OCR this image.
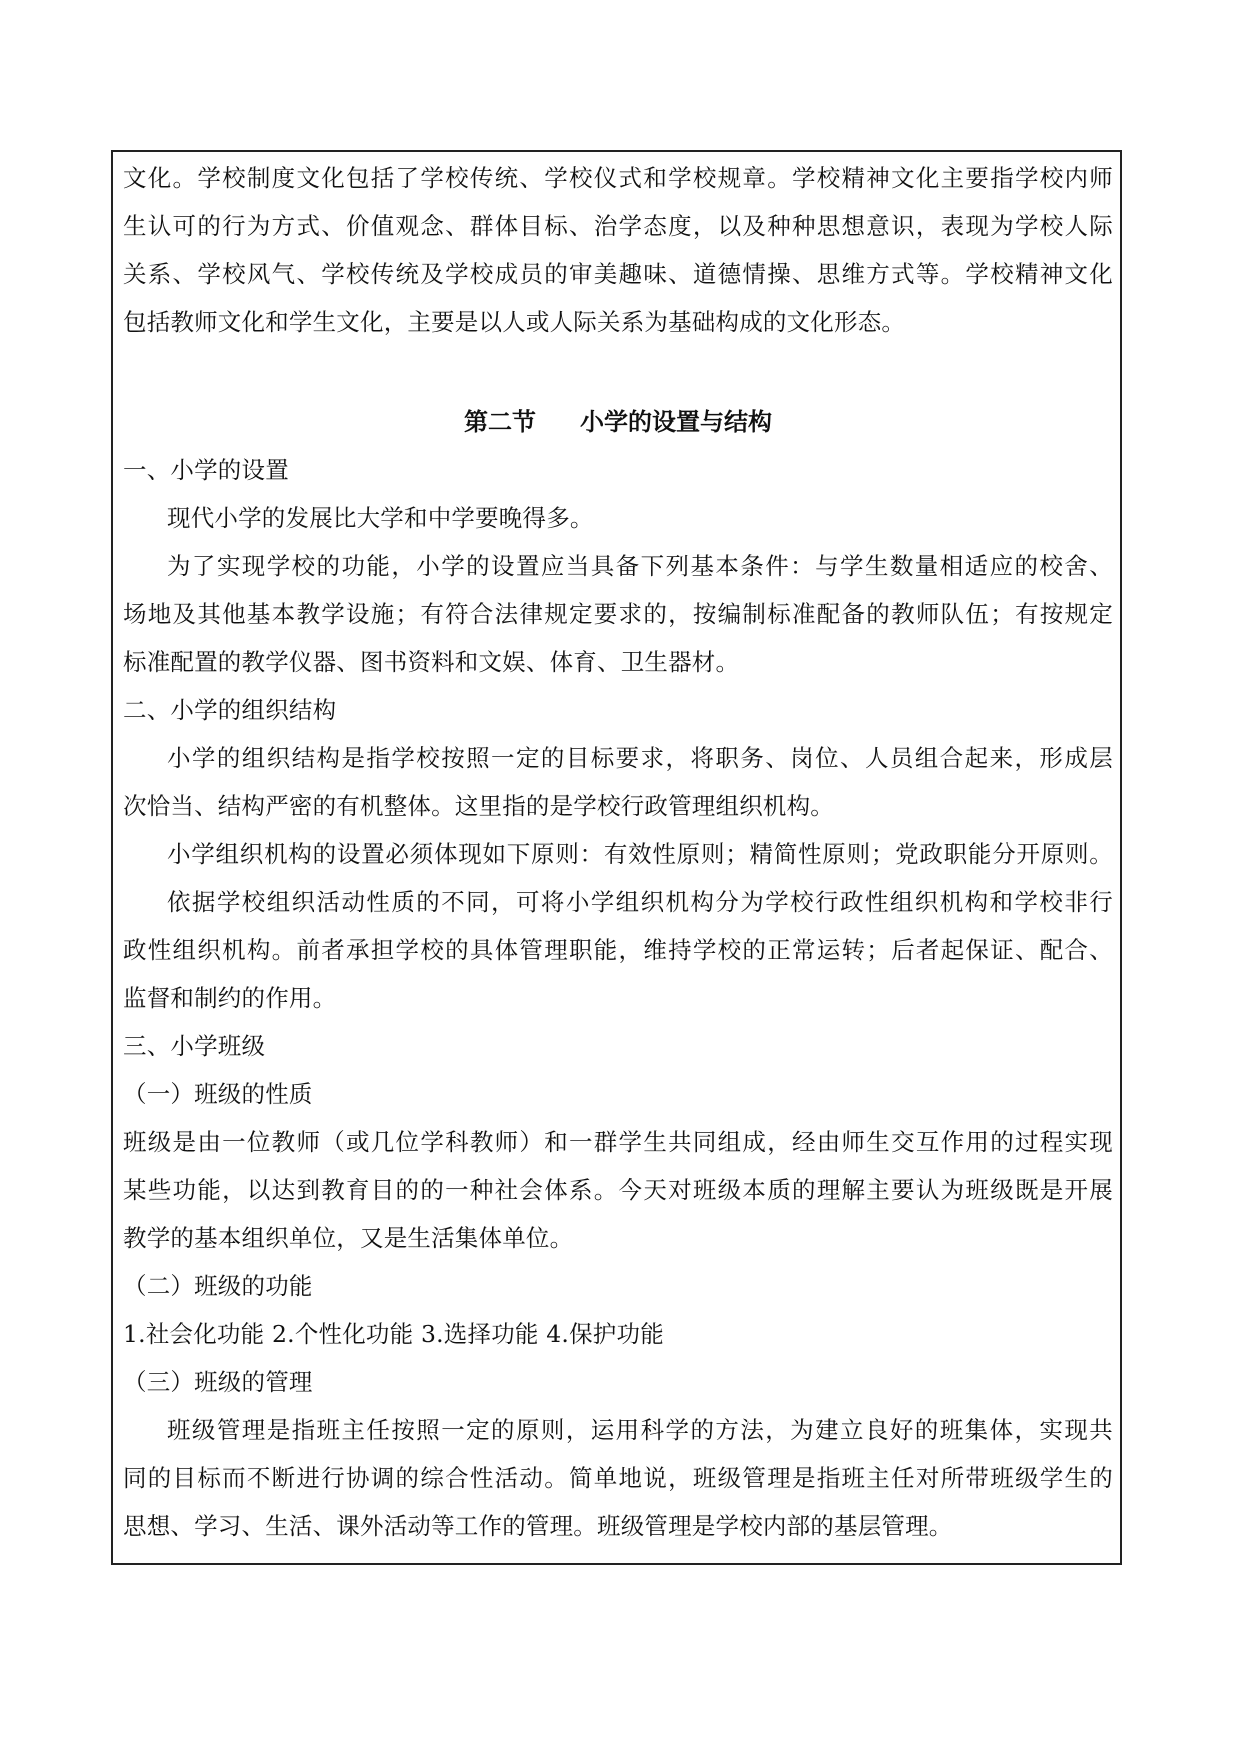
文化。学校制度文化包括了学校传统、学校仪式和学校规章。学校精神文化主要指学校内师
生认可的行为方式、价值观念、群体目标、治学态度，以及种种思想意识，表现为学校人际
关系、学校风气、学校传统及学校成员的审美趣味、道德情操、思维方式等。学校精神文化
包括教师文化和学生文化，主要是以人或人际关系为基础构成的文化形态。
第二节 小学的设置与结构
一、小学的设置
现代小学的发展比大学和中学要晚得多。
为了实现学校的功能，小学的设置应当具备下列基本条件：与学生数量相适应的校舍、
场地及其他基本教学设施；有符合法律规定要求的，按编制标准配备的教师队伍；有按规定
标准配置的教学仪器、图书资料和文娱、体育、卫生器材。
二、小学的组织结构
小学的组织结构是指学校按照一定的目标要求，将职务、岗位、人员组合起来，形成层
次恰当、结构严密的有机整体。这里指的是学校行政管理组织机构。
小学组织机构的设置必须体现如下原则：有效性原则；精简性原则；党政职能分开原则。
依据学校组织活动性质的不同，可将小学组织机构分为学校行政性组织机构和学校非行
政性组织机构。前者承担学校的具体管理职能，维持学校的正常运转；后者起保证、配合、
监督和制约的作用。
三、小学班级
（一）班级的性质
班级是由一位教师（或几位学科教师）和一群学生共同组成，经由师生交互作用的过程实现
某些功能，以达到教育目的的一种社会体系。今天对班级本质的理解主要认为班级既是开展
教学的基本组织单位，又是生活集体单位。
（二）班级的功能
1.社会化功能 2.个性化功能 3.选择功能 4.保护功能
（三）班级的管理
班级管理是指班主任按照一定的原则，运用科学的方法，为建立良好的班集体，实现共
同的目标而不断进行协调的综合性活动。简单地说，班级管理是指班主任对所带班级学生的
思想、学习、生活、课外活动等工作的管理。班级管理是学校内部的基层管理。
